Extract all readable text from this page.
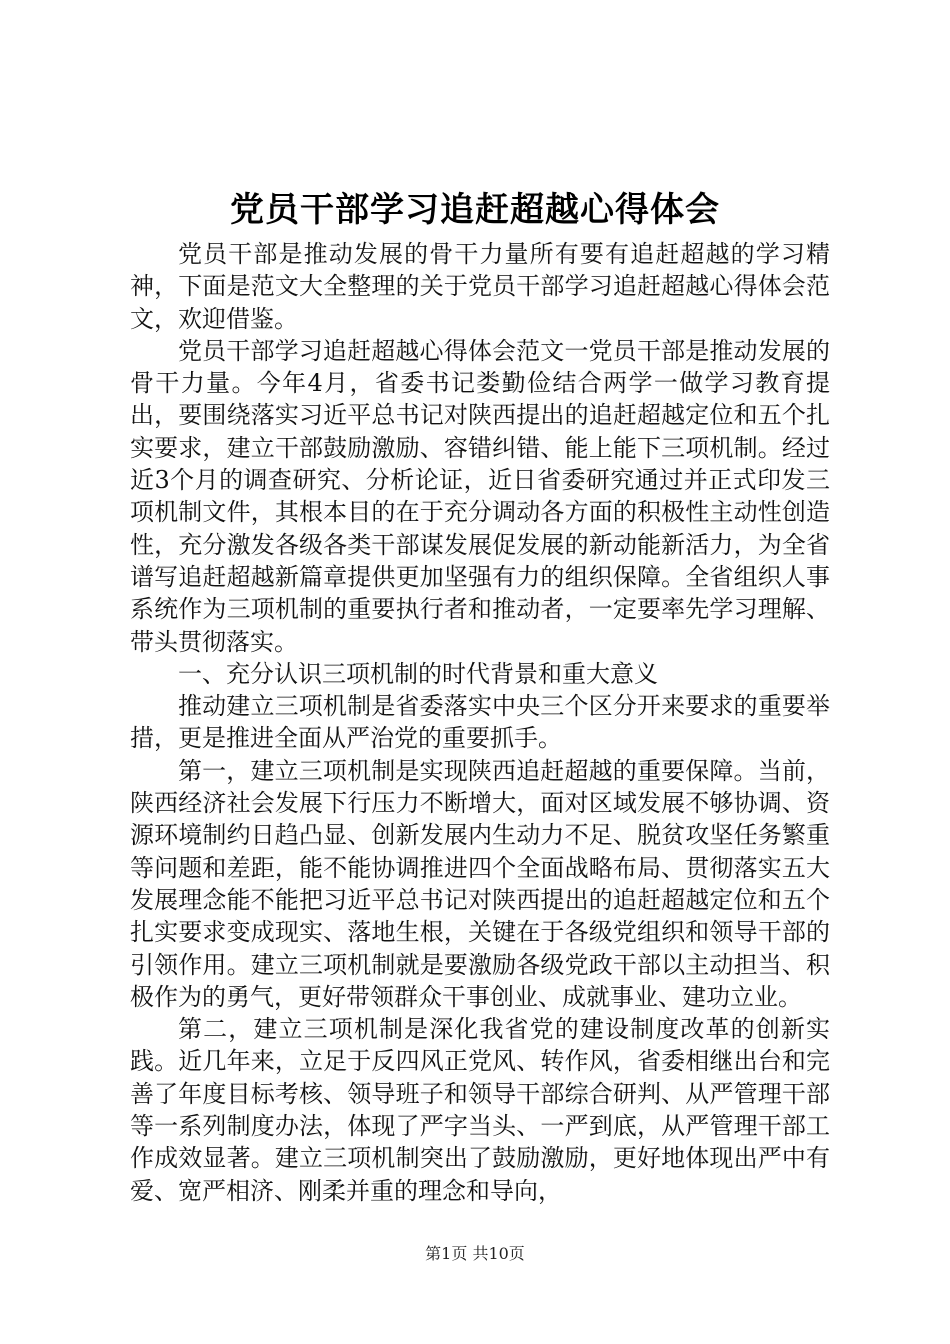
党员干部学习追赶超越心得体会

党员干部是推动发展的骨干力量所有要有追赶超越的学习精神，下面是范文大全整理的关于党员干部学习追赶超越心得体会范文，欢迎借鉴。

党员干部学习追赶超越心得体会范文一党员干部是推动发展的骨干力量。今年4月，省委书记娄勤俭结合两学一做学习教育提出，要围绕落实习近平总书记对陕西提出的追赶超越定位和五个扎实要求，建立干部鼓励激励、容错纠错、能上能下三项机制。经过近3个月的调查研究、分析论证，近日省委研究通过并正式印发三项机制文件，其根本目的在于充分调动各方面的积极性主动性创造性，充分激发各级各类干部谋发展促发展的新动能新活力，为全省谱写追赶超越新篇章提供更加坚强有力的组织保障。全省组织人事系统作为三项机制的重要执行者和推动者，一定要率先学习理解、带头贯彻落实。

一、充分认识三项机制的时代背景和重大意义

推动建立三项机制是省委落实中央三个区分开来要求的重要举措，更是推进全面从严治党的重要抓手。

第一，建立三项机制是实现陕西追赶超越的重要保障。当前，陕西经济社会发展下行压力不断增大，面对区域发展不够协调、资源环境制约日趋凸显、创新发展内生动力不足、脱贫攻坚任务繁重等问题和差距，能不能协调推进四个全面战略布局、贯彻落实五大发展理念能不能把习近平总书记对陕西提出的追赶超越定位和五个扎实要求变成现实、落地生根，关键在于各级党组织和领导干部的引领作用。建立三项机制就是要激励各级党政干部以主动担当、积极作为的勇气，更好带领群众干事创业、成就事业、建功立业。

第二，建立三项机制是深化我省党的建设制度改革的创新实践。近几年来，立足于反四风正党风、转作风，省委相继出台和完善了年度目标考核、领导班子和领导干部综合研判、从严管理干部等一系列制度办法，体现了严字当头、一严到底，从严管理干部工作成效显著。建立三项机制突出了鼓励激励，更好地体现出严中有爱、宽严相济、刚柔并重的理念和导向，

第1页 共10页
